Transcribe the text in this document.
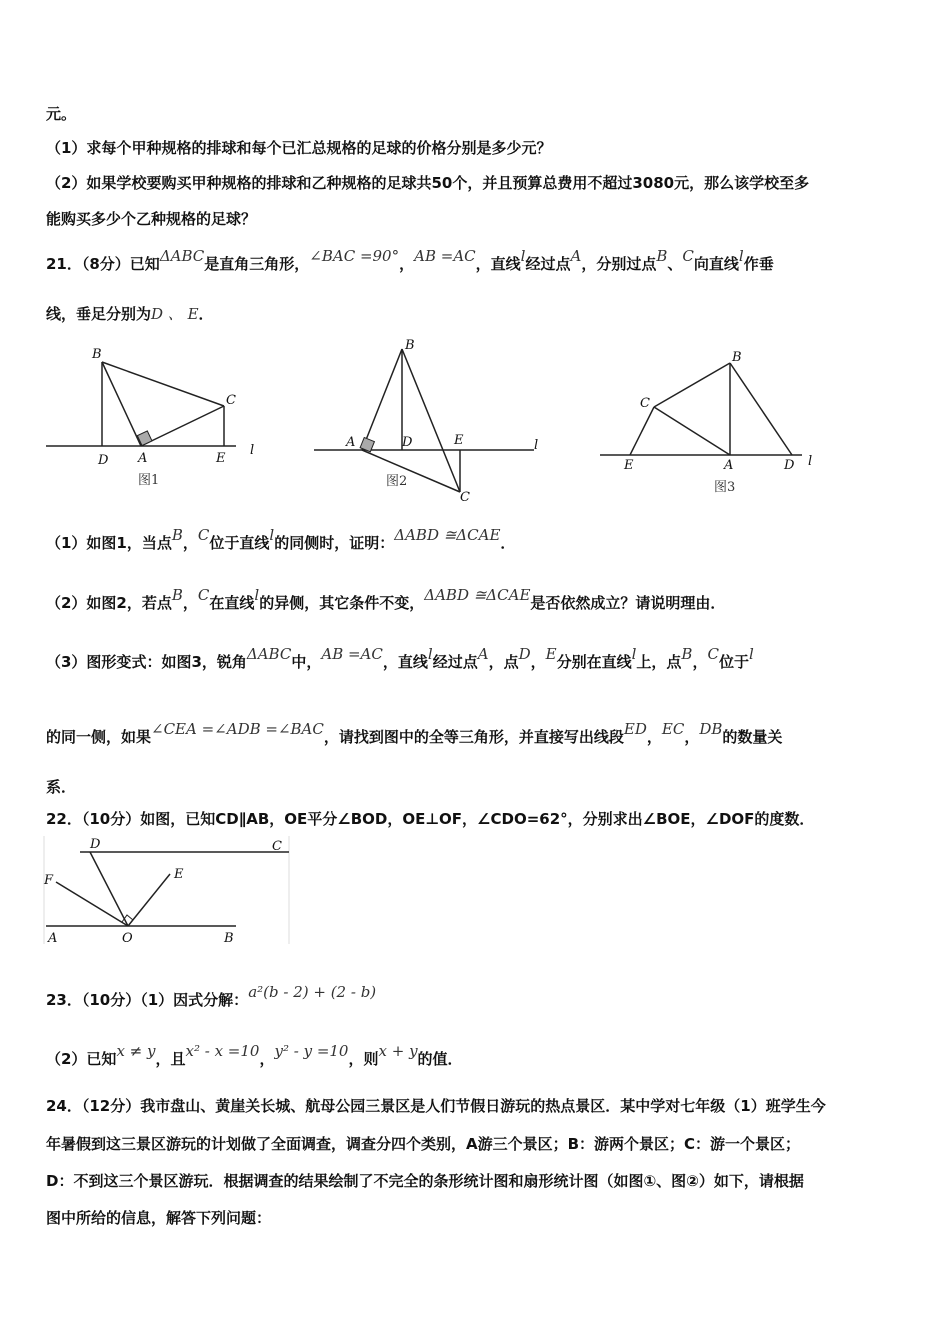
元。
（1）求每个甲种规格的排球和每个已汇总规格的足球的价格分别是多少元？
（2）如果学校要购买甲种规格的排球和乙种规格的足球共50个，并且预算总费用不超过3080元，那么该学校至多
能购买多少个乙种规格的足球？
21．（8分）已知ΔABC是直角三角形，∠BAC =90°，AB =AC，直线l经过点A，分别过点B、C向直线l作垂
线，垂足分别为D 、 E．
B
C
D A	E
l
图1
B
A	D	E
C
l
图2
B
C
E	A	D l
图3
（1）如图1，当点B，C位于直线l的同侧时，证明：ΔABD ≅ΔCAE．
（2）如图2，若点B，C在直线l的异侧，其它条件不变，ΔABD ≅ΔCAE是否依然成立？请说明理由．
（3）图形变式：如图3，锐角ΔABC中，AB =AC，直线l经过点A，点D，E分别在直线l上，点B，C位于l
的同一侧，如果∠CEA =∠ADB =∠BAC，请找到图中的全等三角形，并直接写出线段ED，EC，DB的数量关
系．
22．（10分）如图，已知CD∥AB，OE平分∠BOD，OE⊥OF，∠CDO=62°，分别求出∠BOE，∠DOF的度数．
D	C
F	E
A	O	B
23．（10分）（1）因式分解：a²(b - 2) + (2 - b)
（2）已知x ≠ y，且x² - x =10，y² - y =10，则x + y的值．
24．（12分）我市盘山、黄崖关长城、航母公园三景区是人们节假日游玩的热点景区．某中学对七年级（1）班学生今
年暑假到这三景区游玩的计划做了全面调查，调查分四个类别，A游三个景区；B：游两个景区；C：游一个景区；
D：不到这三个景区游玩．根据调查的结果绘制了不完全的条形统计图和扇形统计图（如图①、图②）如下，请根据
图中所给的信息，解答下列问题：
